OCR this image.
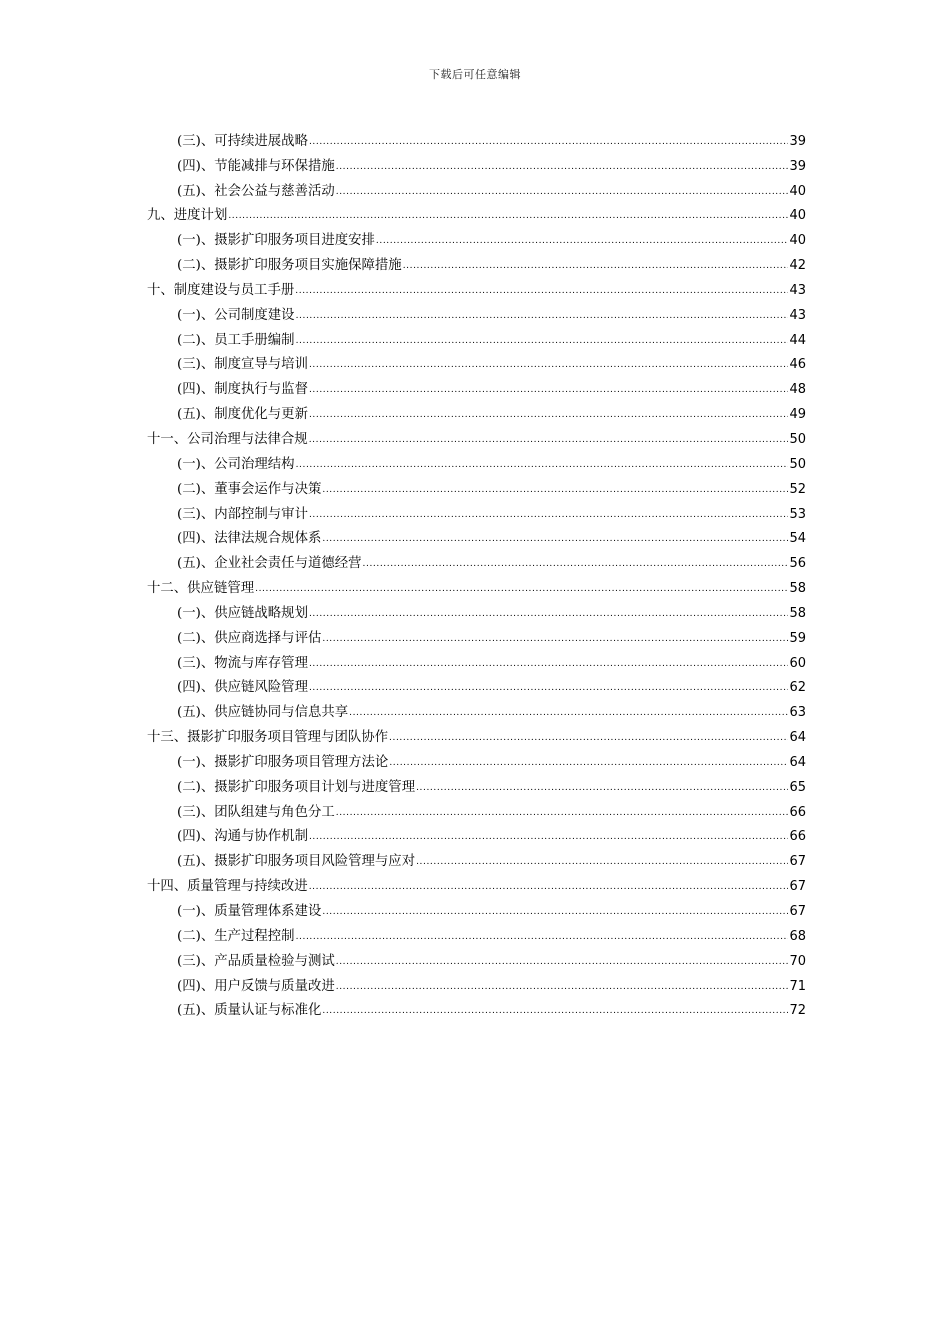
下载后可任意编辑
(三)、可持续进展战略 .....	39
(四)、节能减排与环保措施 .....	39
(五)、社会公益与慈善活动 .....	40
九、进度计划 .....	40
(一)、摄影扩印服务项目进度安排 .....	40
(二)、摄影扩印服务项目实施保障措施 .....	42
十、制度建设与员工手册 .....	43
(一)、公司制度建设 .....	43
(二)、员工手册编制 .....	44
(三)、制度宣导与培训 .....	46
(四)、制度执行与监督 .....	48
(五)、制度优化与更新 .....	49
十一、公司治理与法律合规 .....	50
(一)、公司治理结构 .....	50
(二)、董事会运作与决策 .....	52
(三)、内部控制与审计 .....	53
(四)、法律法规合规体系 .....	54
(五)、企业社会责任与道德经营 .....	56
十二、供应链管理 .....	58
(一)、供应链战略规划 .....	58
(二)、供应商选择与评估 .....	59
(三)、物流与库存管理 .....	60
(四)、供应链风险管理 .....	62
(五)、供应链协同与信息共享 .....	63
十三、摄影扩印服务项目管理与团队协作 .....	64
(一)、摄影扩印服务项目管理方法论 .....	64
(二)、摄影扩印服务项目计划与进度管理 .....	65
(三)、团队组建与角色分工 .....	66
(四)、沟通与协作机制 .....	66
(五)、摄影扩印服务项目风险管理与应对 .....	67
十四、质量管理与持续改进 .....	67
(一)、质量管理体系建设 .....	67
(二)、生产过程控制 .....	68
(三)、产品质量检验与测试 .....	70
(四)、用户反馈与质量改进 .....	71
(五)、质量认证与标准化 .....	72
